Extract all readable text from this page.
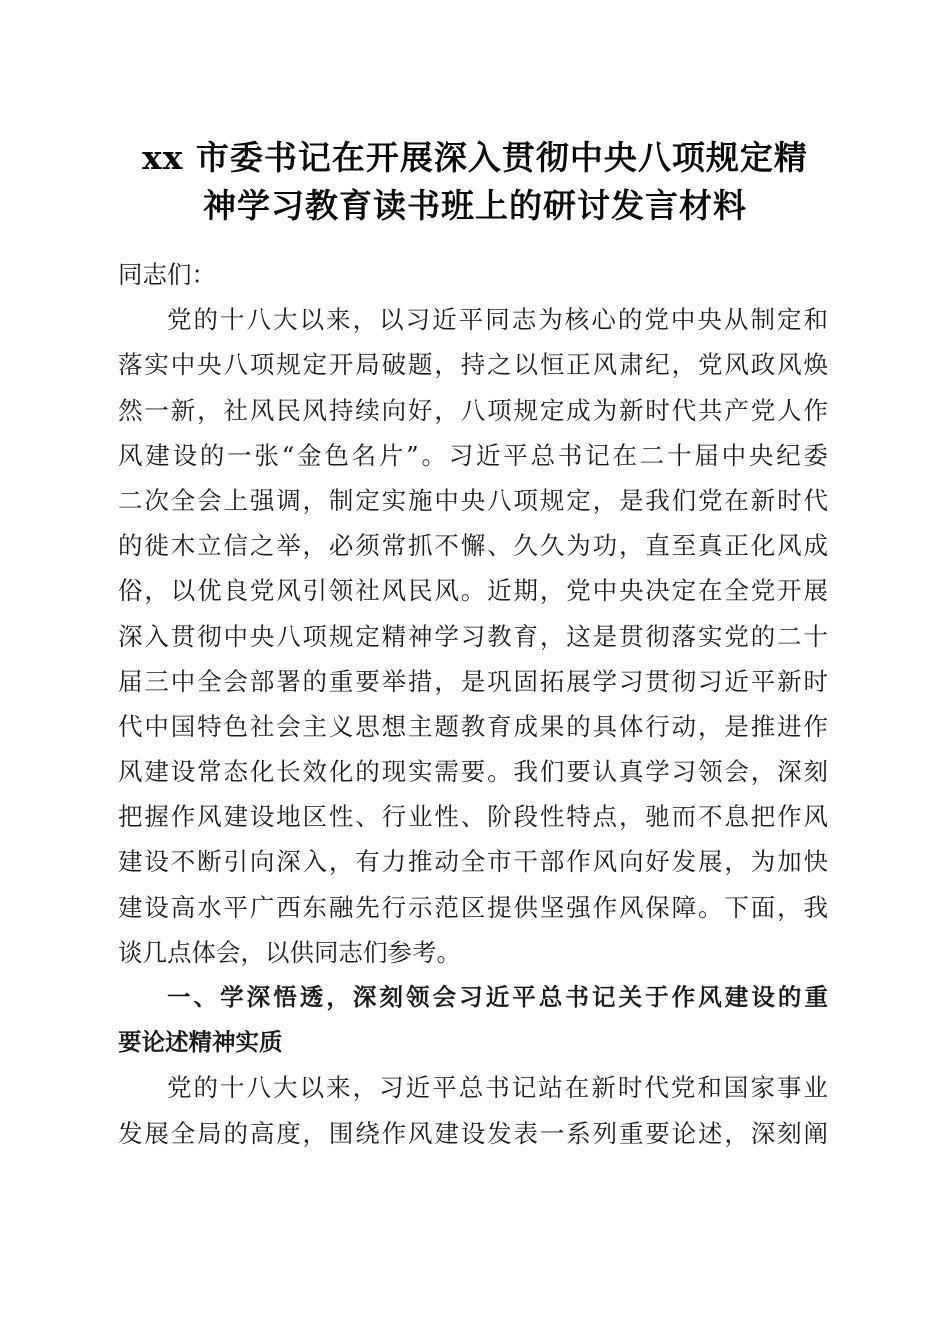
xx 市委书记在开展深入贯彻中央八项规定精
神学习教育读书班上的研讨发言材料
同志们：
党的十八大以来，以习近平同志为核心的党中央从制定和
落实中央八项规定开局破题，持之以恒正风肃纪，党风政风焕
然一新，社风民风持续向好，八项规定成为新时代共产党人作
风建设的一张“金色名片”。习近平总书记在二十届中央纪委
二次全会上强调，制定实施中央八项规定，是我们党在新时代
的徙木立信之举，必须常抓不懈、久久为功，直至真正化风成
俗，以优良党风引领社风民风。近期，党中央决定在全党开展
深入贯彻中央八项规定精神学习教育，这是贯彻落实党的二十
届三中全会部署的重要举措，是巩固拓展学习贯彻习近平新时
代中国特色社会主义思想主题教育成果的具体行动，是推进作
风建设常态化长效化的现实需要。我们要认真学习领会，深刻
把握作风建设地区性、行业性、阶段性特点，驰而不息把作风
建设不断引向深入，有力推动全市干部作风向好发展，为加快
建设高水平广西东融先行示范区提供坚强作风保障。下面，我
谈几点体会，以供同志们参考。
一、学深悟透，深刻领会习近平总书记关于作风建设的重
要论述精神实质
党的十八大以来，习近平总书记站在新时代党和国家事业
发展全局的高度，围绕作风建设发表一系列重要论述，深刻阐
